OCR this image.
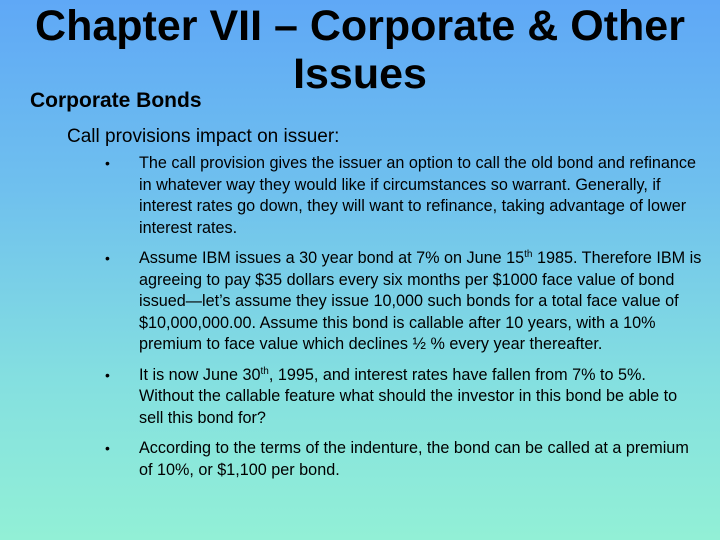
Chapter VII – Corporate & Other
Issues
Corporate Bonds
Call provisions impact on issuer:
• The call provision gives the issuer an option to call the old bond and refinance in whatever way they would like if circumstances so warrant. Generally, if interest rates go down, they will want to refinance, taking advantage of lower interest rates.
• Assume IBM issues a 30 year bond at 7% on June 15th 1985. Therefore IBM is agreeing to pay $35 dollars every six months per $1000 face value of bond issued—let’s assume they issue 10,000 such bonds for a total face value of $10,000,000.00. Assume this bond is callable after 10 years, with a 10% premium to face value which declines ½ % every year thereafter.
• It is now June 30th, 1995, and interest rates have fallen from 7% to 5%. Without the callable feature what should the investor in this bond be able to sell this bond for?
• According to the terms of the indenture, the bond can be called at a premium of 10%, or $1,100 per bond.
